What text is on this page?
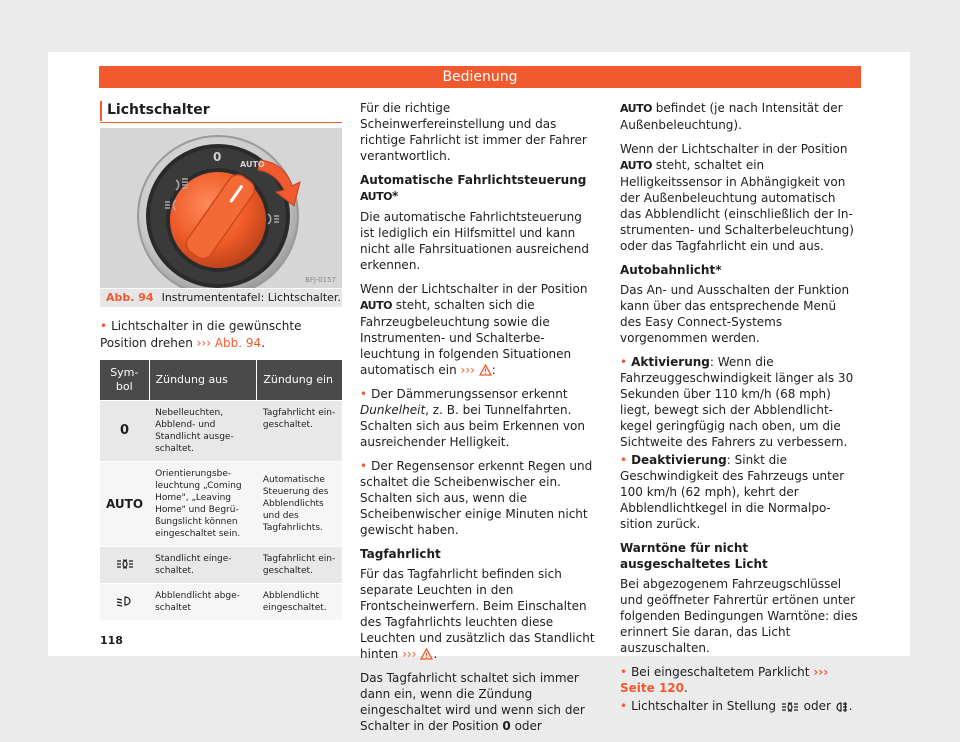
Bedienung
Lichtschalter
0
AUTO
BFJ-0157
Abb. 94 Instrumententafel: Lichtschalter.
• Lichtschalter in die gewünschte Position drehen ››› Abb. 94.
Sym-
bol	Zündung aus	Zündung ein
0	Nebelleuchten, Abblend- und Standlicht ausgeschaltet.	Tagfahrlicht eingeschaltet.
AUTO	Orientierungsbeleuchtung „Coming Home", „Leaving Home" und Begrüßungslicht können eingeschaltet sein.	Automatische Steuerung des Abblendlichts und des Tagfahrlichts.
	Standlicht eingeschaltet.	Tagfahrlicht eingeschaltet.
	Abblendlicht abgeschaltet	Abblendlicht eingeschaltet.

Für die richtige Scheinwerfereinstellung und das richtige Fahrlicht ist immer der Fahrer verantwortlich.

Automatische Fahrlichtsteuerung AUTO*

Die automatische Fahrlichtsteuerung ist lediglich ein Hilfsmittel und kann nicht alle Fahrsituationen ausreichend erkennen.

Wenn der Lichtschalter in der Position AUTO steht, schalten sich die Fahrzeugbeleuchtung sowie die Instrumenten- und Schalterbeleuchtung in folgenden Situationen automatisch ein ››› :

• Der Dämmerungssensor erkennt Dunkelheit, z. B. bei Tunnelfahrten. Schalten sich aus beim Erkennen von ausreichender Helligkeit.

• Der Regensensor erkennt Regen und schaltet die Scheibenwischer ein. Schalten sich aus, wenn die Scheibenwischer einige Minuten nicht gewischt haben.

Tagfahrlicht

Für das Tagfahrlicht befinden sich separate Leuchten in den Frontscheinwerfern. Beim Einschalten des Tagfahrlichts leuchten diese Leuchten und zusätzlich das Standlicht hinten ››› .

Das Tagfahrlicht schaltet sich immer dann ein, wenn die Zündung eingeschaltet wird und wenn sich der Schalter in der Position 0 oder

AUTO befindet (je nach Intensität der Außenbeleuchtung).

Wenn der Lichtschalter in der Position AUTO steht, schaltet ein Helligkeitssensor in Abhängigkeit von der Außenbeleuchtung automatisch das Abblendlicht (einschließlich der Instrumenten- und Schalterbeleuchtung) oder das Tagfahrlicht ein und aus.

Autobahnlicht*

Das An- und Ausschalten der Funktion kann über das entsprechende Menü des Easy Connect-Systems vorgenommen werden.

• Aktivierung: Wenn die Fahrzeuggeschwindigkeit länger als 30 Sekunden über 110 km/h (68 mph) liegt, bewegt sich der Abblendlichtkegel geringfügig nach oben, um die Sichtweite des Fahrers zu verbessern.

• Deaktivierung: Sinkt die Geschwindigkeit des Fahrzeugs unter 100 km/h (62 mph), kehrt der Abblendlichtkegel in die Normalposition zurück.

Warntöne für nicht ausgeschaltetes Licht

Bei abgezogenem Fahrzeugschlüssel und geöffneter Fahrertür ertönen unter folgenden Bedingungen Warntöne: dies erinnert Sie daran, das Licht auszuschalten.

• Bei eingeschaltetem Parklicht ››› Seite 120.

• Lichtschalter in Stellung oder .

118
